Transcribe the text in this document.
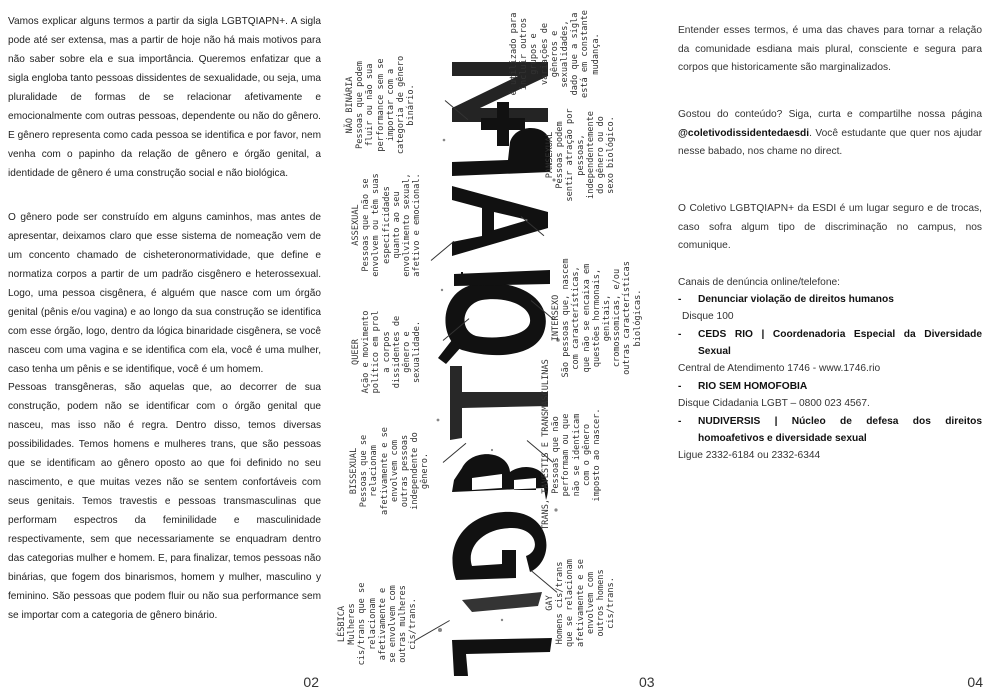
Vamos explicar alguns termos a partir da sigla LGBTQIAPN+. A sigla pode até ser extensa, mas a partir de hoje não há mais motivos para não saber sobre ela e sua importância. Queremos enfatizar que a sigla engloba tanto pessoas dissidentes de sexualidade, ou seja, uma pluralidade de formas de se relacionar afetivamente e emocionalmente com outras pessoas, dependente ou não do gênero. E gênero representa como cada pessoa se identifica e por favor, nem venha com o papinho da relação de gênero e órgão genital, a identidade de gênero é uma construção social e não biológica.

O gênero pode ser construído em alguns caminhos, mas antes de apresentar, deixamos claro que esse sistema de nomeação vem de um concento chamado de cisheteronormatividade, que define e normatiza corpos a partir de um padrão cisgênero e heterossexual. Logo, uma pessoa cisgênera, é alguém que nasce com um órgão genital (pênis e/ou vagina) e ao longo da sua construção se identifica com esse órgão, logo, dentro da lógica binaridade cisgênera, se você nasceu com uma vagina e se identifica com ela, você é uma mulher, caso tenha um pênis e se identifique, você é um homem.

Pessoas transgêneras, são aquelas que, ao decorrer de sua construção, podem não se identificar com o órgão genital que nasceu, mas isso não é regra. Dentro disso, temos diversas possibilidades. Temos homens e mulheres trans, que são pessoas que se identificam ao gênero oposto ao que foi definido no seu nascimento, e que muitas vezes não se sentem confortáveis com seus genitais. Temos travestis e pessoas transmasculinas que performam espectros da feminilidade e masculinidade respectivamente, sem que necessariamente se enquadram dentro das categorias mulher e homem. E, para finalizar, temos pessoas não binárias, que fogem dos binarismos, homem y mulher, masculino y feminino. São pessoas que podem fluir ou não sua performance sem se importar com a categoria de gênero binário.

02
LÉSBICA Mulheres
cis/trans que se
relacionam
afetivamente e
se envolvem com
outras mulheres
cis/trans.
BISSEXUAL Pessoas que se
relacionam
afetivamente e se
envolvem com
outras pessoas
independente do
gênero.
QUEER
Ação e movimento
político em prol
a corpos
dissidentes de
gênero e
sexualidade.
ASSEXUAL
Pessoas que não se
envolvem ou têm suas
especificidades
quanto ao seu
envolvimento sexual,
afetivo e emocional.
NÃO BINÁRIA Pessoas que podem
fluir ou não sua
performance sem se
importar com a
categoria de gênero
binário.
GAY
Homens cis/trans
que se relacionam
afetivamente e se
envolvem com
outros homens
cis/trans.
TRANS, TAVESTIS E TRANSMASCULINAS Pessoas que não
performam ou que
não se identicam
com o gênero
imposto ao nascer.
INTERSEXO
São pessoas que, nascem
com características,
que não se encaixa em
questões hormonais,
genitais,
cromossomicas, e/ou
outras características
biológicas.
PANSEXUAL Pessoas podem
sentir atração por
pessoas,
independentemente
do gênero ou do
sexo biológico.
é utilizado para
incluir outros
grupos e
variações de
gêneros e
sexualidades,
dado que a sigla
está em constante
mudança.
03

Entender esses termos, é uma das chaves para tornar a relação da comunidade esdiana mais plural, consciente e segura para corpos que historicamente são marginalizados.

Gostou do conteúdo? Siga, curta e compartilhe nossa página @coletivodissidentedaesdi. Você estudante que quer nos ajudar nesse babado, nos chame no direct.

O Coletivo LGBTQIAPN+ da ESDI é um lugar seguro e de trocas, caso sofra algum tipo de discriminação no campus, nos comunique.

Canais de denúncia online/telefone:

- Denunciar violação de direitos humanos

Disque 100

- CEDS RIO | Coordenadoria Especial da Diversidade Sexual

Central de Atendimento 1746 - www.1746.rio

- RIO SEM HOMOFOBIA

Disque Cidadania LGBT – 0800 023 4567.

- NUDIVERSIS | Núcleo de defesa dos direitos homoafetivos e diversidade sexual

Ligue 2332-6184 ou 2332-6344

04
